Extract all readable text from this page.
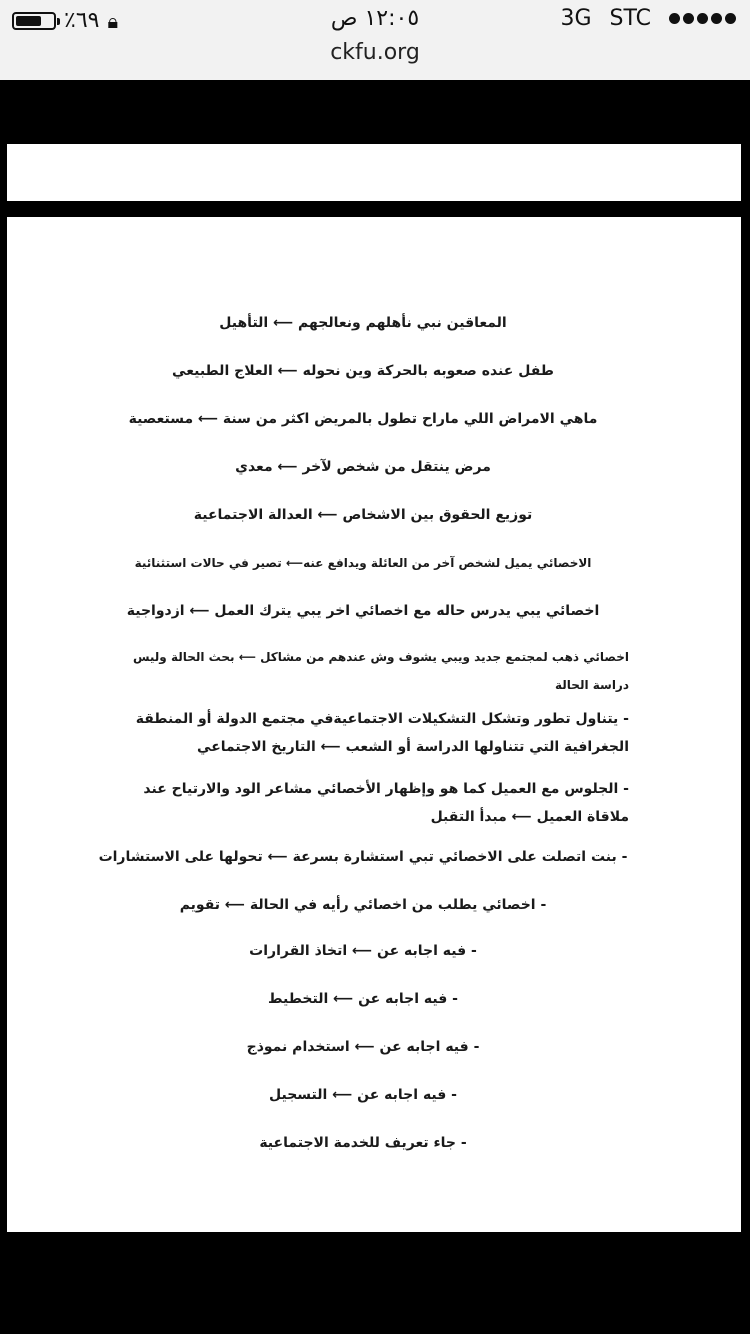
٪٦٩ 🔒︎	١٢:٠٥ ص	3G STC
ckfu.org
المعاقين نبي نأهلهم ونعالجهم ⟵ التأهيل
طفل عنده صعوبه بالحركة وين نحوله ⟵ العلاج الطبيعي
ماهي الامراض اللي ماراح تطول بالمريض اكثر من سنة ⟵ مستعصية
مرض ينتقل من شخص لآخر ⟵ معدي
توزيع الحقوق بين الاشخاص ⟵ العدالة الاجتماعية
الاخصائي يميل لشخص آخر من العائلة ويدافع عنه⟵ تصير في حالات استثنائية
اخصائي يبي يدرس حاله مع اخصائي اخر يبي يترك العمل ⟵ ازدواجية
اخصائي ذهب لمجتمع جديد ويبي يشوف وش عندهم من مشاكل ⟵ بحث الحالة وليس دراسة الحالة
- يتناول تطور وتشكل التشكيلات الاجتماعيةفي مجتمع الدولة أو المنطقة الجغرافية التي تتناولها الدراسة أو الشعب ⟵ التاريخ الاجتماعي
- الجلوس مع العميل كما هو وإظهار الأخصائي مشاعر الود والارتياح عند ملاقاة العميل ⟵ مبدأ التقبل
- بنت اتصلت على الاخصائي تبي استشارة بسرعة ⟵ تحولها على الاستشارات
- اخصائي يطلب من اخصائي رأيه في الحالة ⟵ تقويم
- فيه اجابه عن ⟵ اتخاذ القرارات
- فيه اجابه عن ⟵ التخطيط
- فيه اجابه عن ⟵ استخدام نموذج
- فيه اجابه عن ⟵ التسجيل
- جاء تعريف للخدمة الاجتماعية
